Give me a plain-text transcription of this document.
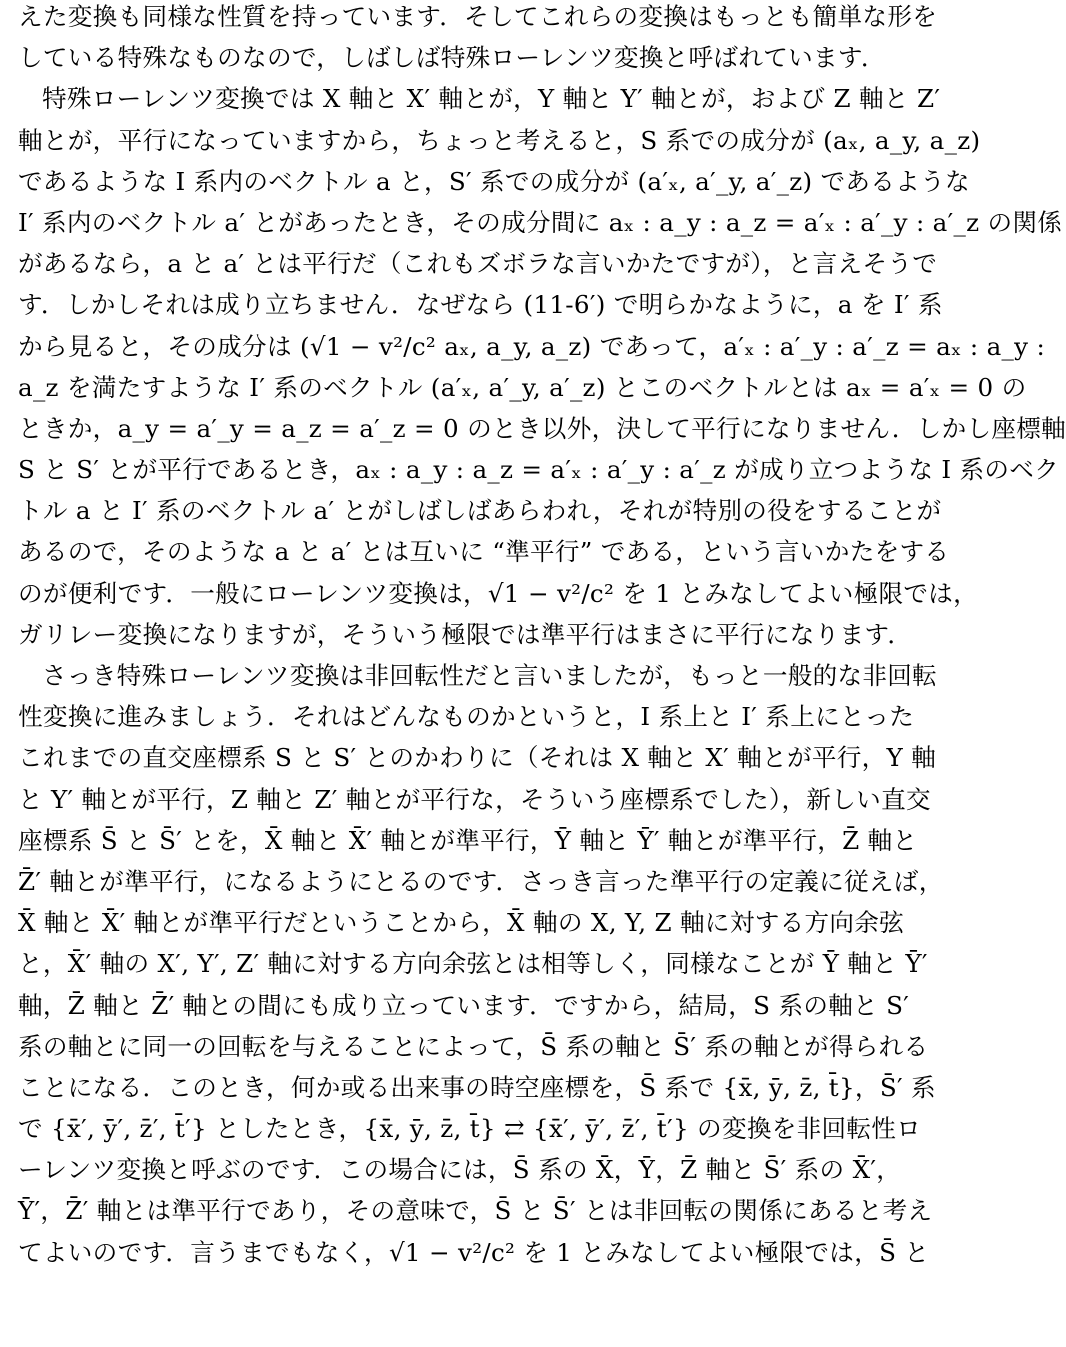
えた変換も同様な性質を持っています．そしてこれらの変換はもっとも簡単な形を
している特殊なものなので，しばしば特殊ローレンツ変換と呼ばれています．
特殊ローレンツ変換では X 軸と X′ 軸とが，Y 軸と Y′ 軸とが，および Z 軸と Z′
軸とが，平行になっていますから，ちょっと考えると，S 系での成分が (aₓ, a_y, a_z)
であるような I 系内のベクトル a と，S′ 系での成分が (a′ₓ, a′_y, a′_z) であるような
I′ 系内のベクトル a′ とがあったとき，その成分間に aₓ : a_y : a_z = a′ₓ : a′_y : a′_z の関係
があるなら，a と a′ とは平行だ（これもズボラな言いかたですが），と言えそうで
す．しかしそれは成り立ちません．なぜなら (11-6′) で明らかなように，a を I′ 系
から見ると，その成分は (√1 − v²/c² aₓ, a_y, a_z) であって，a′ₓ : a′_y : a′_z = aₓ : a_y :
a_z を満たすような I′ 系のベクトル (a′ₓ, a′_y, a′_z) とこのベクトルとは aₓ = a′ₓ = 0 の
ときか，a_y = a′_y = a_z = a′_z = 0 のとき以外，決して平行になりません．しかし座標軸
S と S′ とが平行であるとき，aₓ : a_y : a_z = a′ₓ : a′_y : a′_z が成り立つような I 系のベク
トル a と I′ 系のベクトル a′ とがしばしばあらわれ，それが特別の役をすることが
あるので，そのような a と a′ とは互いに “準平行” である，という言いかたをする
のが便利です．一般にローレンツ変換は，√1 − v²/c² を 1 とみなしてよい極限では，
ガリレー変換になりますが，そういう極限では準平行はまさに平行になります．
さっき特殊ローレンツ変換は非回転性だと言いましたが，もっと一般的な非回転
性変換に進みましょう．それはどんなものかというと，I 系上と I′ 系上にとった
これまでの直交座標系 S と S′ とのかわりに（それは X 軸と X′ 軸とが平行，Y 軸
と Y′ 軸とが平行，Z 軸と Z′ 軸とが平行な，そういう座標系でした），新しい直交
座標系 S̄ と S̄′ とを，X̄ 軸と X̄′ 軸とが準平行，Ȳ 軸と Ȳ′ 軸とが準平行，Z̄ 軸と
Z̄′ 軸とが準平行，になるようにとるのです．さっき言った準平行の定義に従えば，
X̄ 軸と X̄′ 軸とが準平行だということから，X̄ 軸の X, Y, Z 軸に対する方向余弦
と，X̄′ 軸の X′, Y′, Z′ 軸に対する方向余弦とは相等しく，同様なことが Ȳ 軸と Ȳ′
軸，Z̄ 軸と Z̄′ 軸との間にも成り立っています．ですから，結局，S 系の軸と S′
系の軸とに同一の回転を与えることによって，S̄ 系の軸と S̄′ 系の軸とが得られる
ことになる．このとき，何か或る出来事の時空座標を，S̄ 系で {x̄, ȳ, z̄, t̄}，S̄′ 系
で {x̄′, ȳ′, z̄′, t̄′} としたとき，{x̄, ȳ, z̄, t̄} ⇄ {x̄′, ȳ′, z̄′, t̄′} の変換を非回転性ロ
ーレンツ変換と呼ぶのです．この場合には，S̄ 系の X̄，Ȳ，Z̄ 軸と S̄′ 系の X̄′，
Ȳ′，Z̄′ 軸とは準平行であり，その意味で，S̄ と S̄′ とは非回転の関係にあると考え
てよいのです．言うまでもなく，√1 − v²/c² を 1 とみなしてよい極限では，S̄ と
